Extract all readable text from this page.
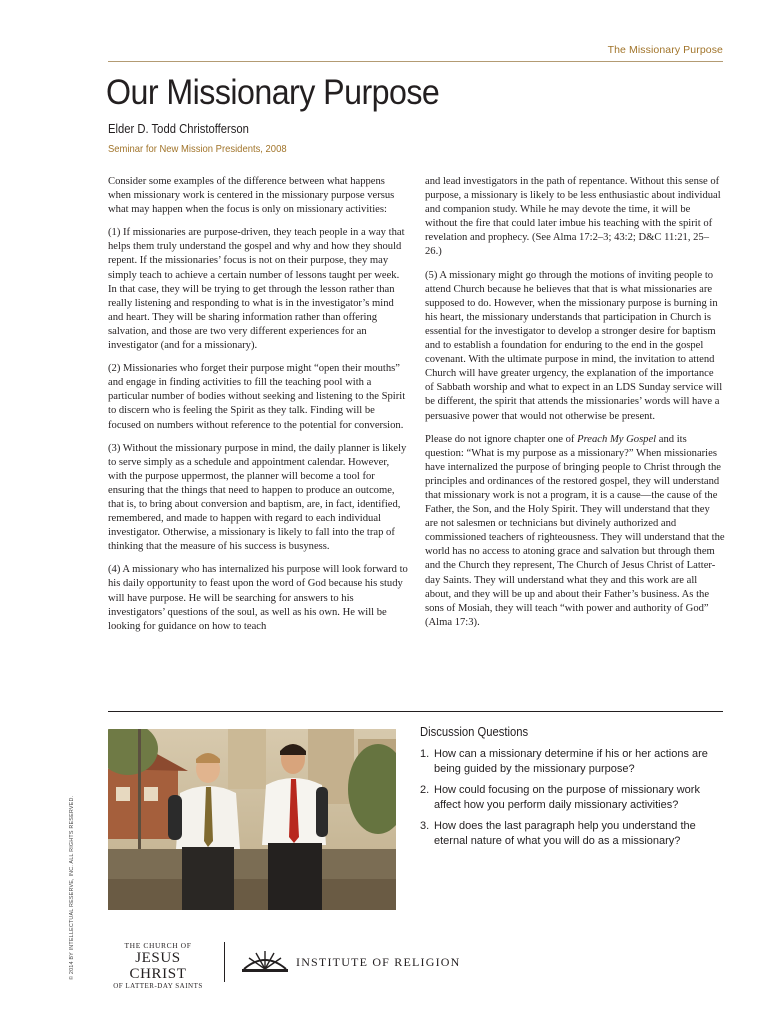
The Missionary Purpose
Our Missionary Purpose
Elder D. Todd Christofferson
Seminar for New Mission Presidents, 2008

Consider some examples of the difference between what happens when missionary work is centered in the missionary purpose versus what may happen when the focus is only on missionary activities:

(1) If missionaries are purpose-driven, they teach people in a way that helps them truly understand the gospel and why and how they should repent. If the missionaries’ focus is not on their purpose, they may simply teach to achieve a certain number of lessons taught per week. In that case, they will be trying to get through the lesson rather than really listening and responding to what is in the investigator’s mind and heart. They will be sharing information rather than offering salvation, and those are two very different experiences for an investigator (and for a missionary).

(2) Missionaries who forget their purpose might “open their mouths” and engage in finding activities to fill the teaching pool with a particular number of bodies without seeking and listening to the Spirit to discern who is feeling the Spirit as they talk. Finding will be focused on numbers without reference to the potential for conversion.

(3) Without the missionary purpose in mind, the daily planner is likely to serve simply as a schedule and appointment calendar. However, with the purpose uppermost, the planner will become a tool for ensuring that the things that need to happen to produce an outcome, that is, to bring about conversion and baptism, are, in fact, identified, remembered, and made to happen with regard to each individual investigator. Otherwise, a missionary is likely to fall into the trap of thinking that the measure of his success is busyness.

(4) A missionary who has internalized his purpose will look forward to his daily opportunity to feast upon the word of God because his study will have purpose. He will be searching for answers to his investigators’ questions of the soul, as well as his own. He will be looking for guidance on how to teach

and lead investigators in the path of repentance. Without this sense of purpose, a missionary is likely to be less enthusiastic about individual and companion study. While he may devote the time, it will be without the fire that could later imbue his teaching with the spirit of revelation and prophecy. (See Alma 17:2–3; 43:2; D&C 11:21, 25–26.)

(5) A missionary might go through the motions of inviting people to attend Church because he believes that that is what missionaries are supposed to do. However, when the missionary purpose is burning in his heart, the missionary understands that participation in Church is essential for the investigator to develop a stronger desire for baptism and to establish a foundation for enduring to the end in the gospel covenant. With the ultimate purpose in mind, the invitation to attend Church will have greater urgency, the explanation of the importance of Sabbath worship and what to expect in an LDS Sunday service will be different, the spirit that attends the missionaries’ words will have a persuasive power that would not otherwise be present.

Please do not ignore chapter one of Preach My Gospel and its question: “What is my purpose as a missionary?” When missionaries have internalized the purpose of bringing people to Christ through the principles and ordinances of the restored gospel, they will understand that missionary work is not a program, it is a cause—the cause of the Father, the Son, and the Holy Spirit. They will understand that they are not salesmen or technicians but divinely authorized and commissioned teachers of righteousness. They will understand that the world has no access to atoning grace and salvation but through them and the Church they represent, The Church of Jesus Christ of Latter-day Saints. They will understand what they and this work are all about, and they will be up and about their Father’s business. As the sons of Mosiah, they will teach “with power and authority of God” (Alma 17:3).

Discussion Questions
1. How can a missionary determine if his or her actions are being guided by the missionary purpose?
2. How could focusing on the purpose of missionary work affect how you perform daily missionary activities?
3. How does the last paragraph help you understand the eternal nature of what you will do as a missionary?
© 2014 BY INTELLECTUAL RESERVE, INC. ALL RIGHTS RESERVED.	THE CHURCH OF
JESUS CHRIST
OF LATTER-DAY SAINTS
INSTITUTE OF RELIGION
